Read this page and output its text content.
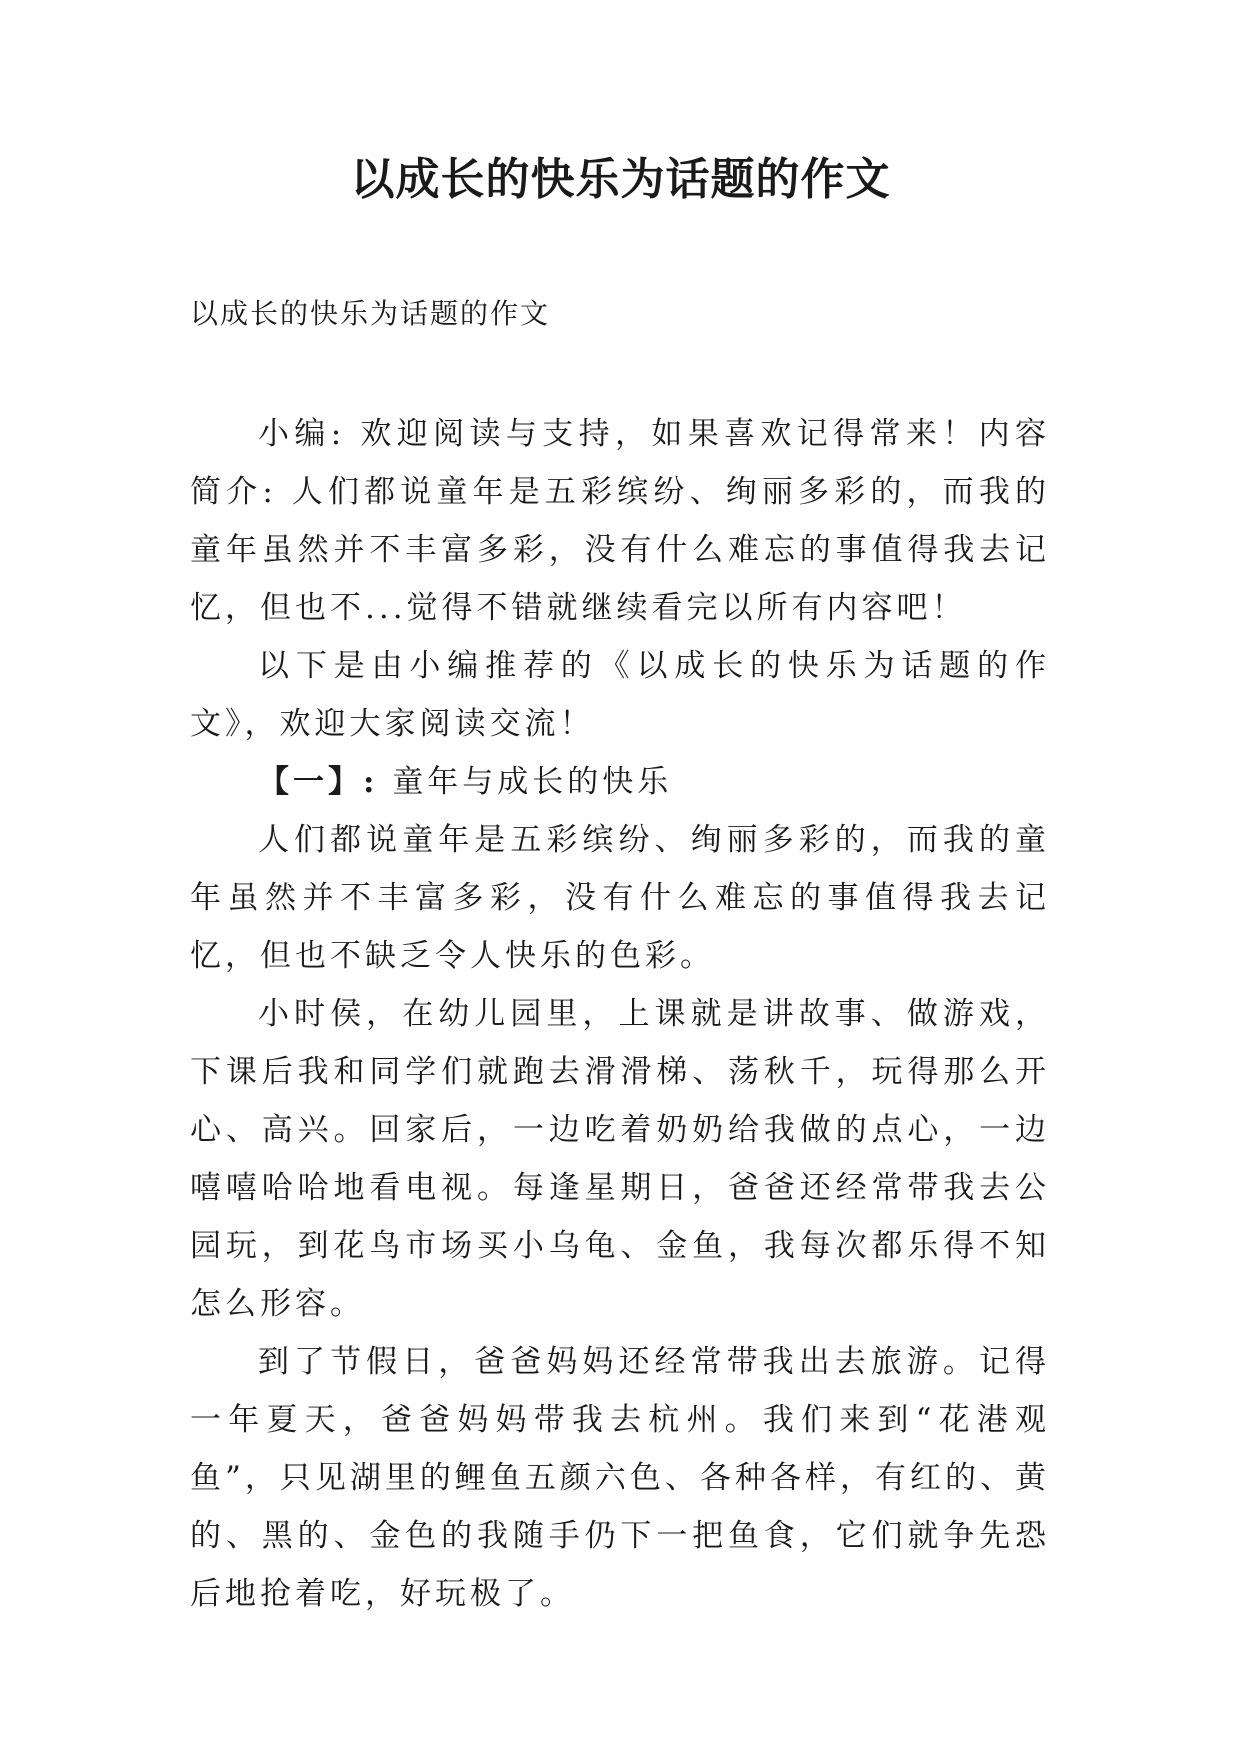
以成长的快乐为话题的作文

以成长的快乐为话题的作文

小编: 欢迎阅读与支持，如果喜欢记得常来！内容简介: 人们都说童年是五彩缤纷、绚丽多彩的，而我的童年虽然并不丰富多彩，没有什么难忘的事值得我去记忆，但也不...觉得不错就继续看完以所有内容吧！

以下是由小编推荐的《以成长的快乐为话题的作文》，欢迎大家阅读交流！

【一】: 童年与成长的快乐

人们都说童年是五彩缤纷、绚丽多彩的，而我的童年虽然并不丰富多彩，没有什么难忘的事值得我去记忆，但也不缺乏令人快乐的色彩。

小时侯，在幼儿园里，上课就是讲故事、做游戏，下课后我和同学们就跑去滑滑梯、荡秋千，玩得那么开心、高兴。回家后，一边吃着奶奶给我做的点心，一边嘻嘻哈哈地看电视。每逢星期日，爸爸还经常带我去公园玩，到花鸟市场买小乌龟、金鱼，我每次都乐得不知怎么形容。

到了节假日，爸爸妈妈还经常带我出去旅游。记得一年夏天，爸爸妈妈带我去杭州。我们来到“花港观鱼”，只见湖里的鲤鱼五颜六色、各种各样，有红的、黄的、黑的、金色的我随手仍下一把鱼食，它们就争先恐后地抢着吃，好玩极了。
